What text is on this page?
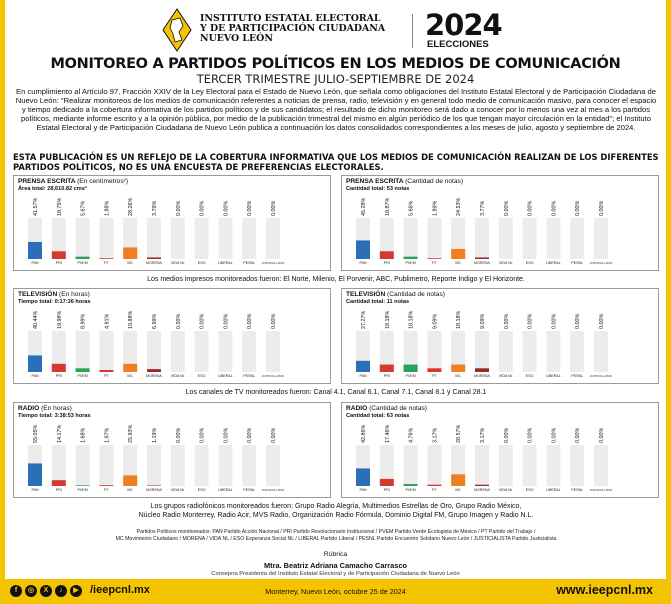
INSTITUTO ESTATAL ELECTORAL
Y DE PARTICIPACIÓN CIUDADANA
NUEVO LEÓN	2024
ELECCIONES
MONITOREO A PARTIDOS POLÍTICOS EN LOS MEDIOS DE COMUNICACIÓN
TERCER TRIMESTRE JULIO-SEPTIEMBRE DE 2024
En cumplimiento al Artículo 97, Fracción XXIV de la Ley Electoral para el Estado de Nuevo León, que señala como obligaciones del Instituto Estatal Electoral y de Participación Ciudadana de Nuevo León: "Realizar monitoreos de los medios de comunicación referentes a noticias de prensa, radio, televisión y en general todo medio de comunicación masivo, para conocer el espacio y tiempo dedicado a la cobertura informativa de los partidos políticos y de sus candidatos; el resultado de dicho monitoreo será dado a conocer por lo menos una vez al mes a los partidos políticos, mediante informe escrito y a la opinión pública, por medio de la publicación trimestral del mismo en algún periódico de los que tengan mayor circulación en la entidad"; el Instituto Estatal Electoral y de Participación Ciudadana de Nuevo León publica a continuación los datos consolidados correspondientes a los meses de julio, agosto y septiembre de 2024.
ESTA PUBLICACIÓN ES UN REFLEJO DE LA COBERTURA INFORMATIVA QUE LOS MEDIOS DE COMUNICACIÓN REALIZAN DE LOS DIFERENTES PARTIDOS POLÍTICOS, NO ES UNA ENCUESTA DE PREFERENCIAS ELECTORALES.
PRENSA ESCRITA (En centímetros²)
Área total: 28,610.82 cms²
41.57%
PAN
18.75%
PRI
5.67%
PVEM
1.88%
PT
28.26%
MC
3.79%
MORENA
0.00%
VIDA NL
0.00%
ESO
0.00%
LIBERAL
0.00%
PESNL
0.00%
JUSTICIA-LISTA
PRENSA ESCRITA (Cantidad de notas)
Cantidad total: 53 notas
45.28%
PAN
18.87%
PRI
5.66%
PVEM
1.89%
PT
24.53%
MC
3.77%
MORENA
0.00%
VIDA NL
0.00%
ESO
0.00%
LIBERAL
0.00%
PESNL
0.00%
JUSTICIA-LISTA
Los medios impresos monitoreados fueron: El Norte, Milenio, El Porvenir, ABC, Publimetro, Reporte Indigo y El Horizonte.
TELEVISIÓN (En horas)
Tiempo total: 0:17:36 horas
40.44%
PAN
19.98%
PRI
8.99%
PVEM
4.91%
PT
19.88%
MC
6.99%
MORENA
0.00%
VIDA NL
0.00%
ESO
0.00%
LIBERAL
0.00%
PESNL
0.00%
JUSTICIA-LISTA
TELEVISIÓN (Cantidad de notas)
Cantidad total: 11 notas
27.27%
PAN
18.18%
PRI
18.18%
PVEM
9.09%
PT
18.18%
MC
9.09%
MORENA
0.00%
VIDA NL
0.00%
ESO
0.00%
LIBERAL
0.00%
PESNL
0.00%
JUSTICIA-LISTA
Los canales de TV monitoreados fueron: Canal 4.1, Canal 6.1, Canal 7.1, Canal 8.1 y Canal 28.1
RADIO (En horas)
Tiempo total: 3:38:53 horas
55.05%
PAN
14.17%
PRI
1.68%
PVEM
1.97%
PT
25.93%
MC
1.19%
MORENA
0.00%
VIDA NL
0.00%
ESO
0.00%
LIBERAL
0.00%
PESNL
0.00%
JUSTICIA-LISTA
RADIO (Cantidad de notas)
Cantidad total: 63 notas
42.86%
PAN
17.46%
PRI
4.76%
PVEM
3.17%
PT
28.57%
MC
3.17%
MORENA
0.00%
VIDA NL
0.00%
ESO
0.00%
LIBERAL
0.00%
PESNL
0.00%
JUSTICIA-LISTA
Los grupos radiofónicos monitoreados fueron: Grupo Radio Alegría, Multimedios Estrellas de Oro, Grupo Radio México,
Núcleo Radio Monterrey, Radio Acir, MVS Radio, Organización Radio Fórmula, Dominio Digital FM, Grupo Imagen y Radio N.L.
Partidos Políticos monitoreados: PAN Partido Acción Nacional / PRI Partido Revolucionario Institucional / PVEM Partido Verde Ecologista de México / PT Partido del Trabajo /
MC Movimiento Ciudadano / MORENA / VIDA NL / ESO Esperanza Social NL / LIBERAL Partido Liberal / PESNL Partido Encuentro Solidario Nuevo León / JUSTICIALISTA Partido Justicialista
Rúbrica
Mtra. Beatriz Adriana Camacho Carrasco
Consejera Presidenta del Instituto Estatal Electoral y de Participación Ciudadana de Nuevo León
f	◎	X	♪	▶	/ieepcnl.mx	Monterrey, Nuevo León, octubre 25 de 2024	www.ieepcnl.mx
